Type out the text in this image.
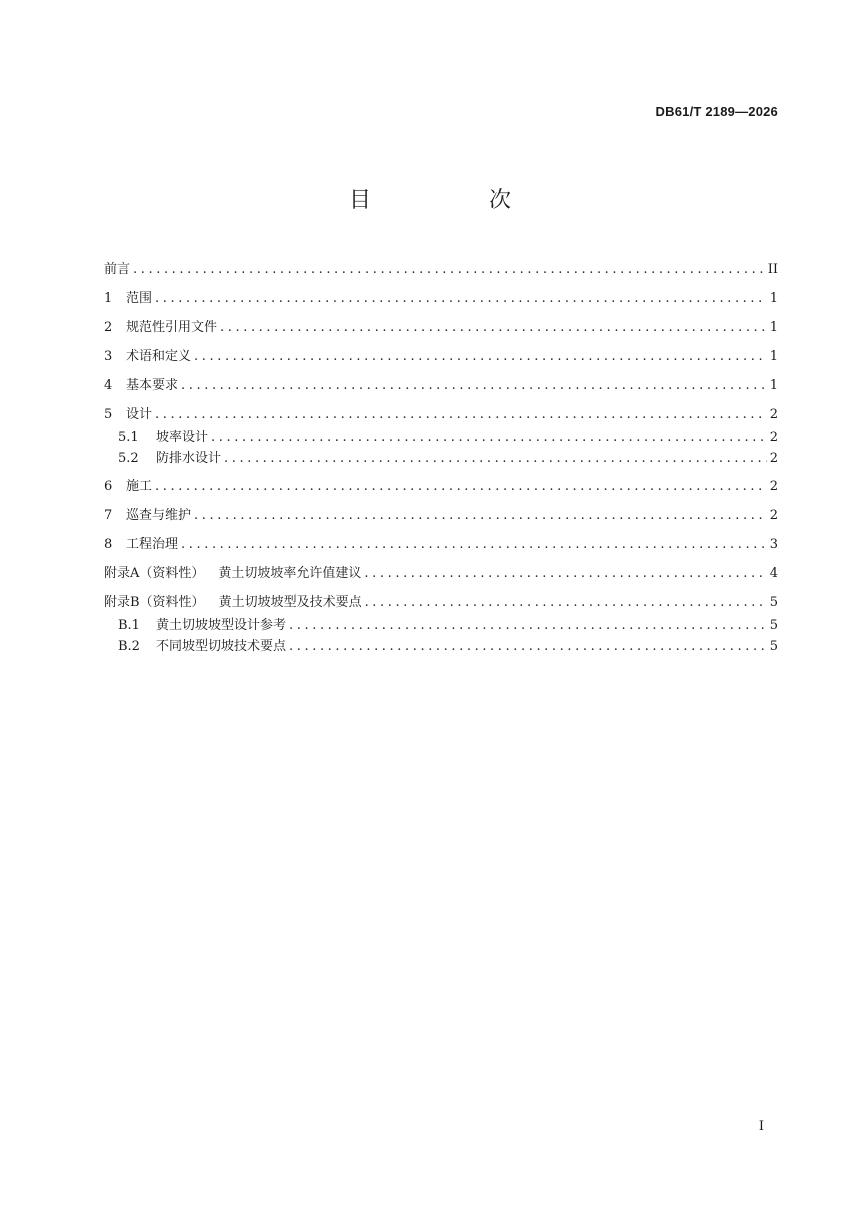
DB61/T 2189—2026
目　次
前言 .....	II
1	范围 .....	1
2	规范性引用文件 .....	1
3	术语和定义 .....	1
4	基本要求 .....	1
5	设计 .....	2
5.1	坡率设计 .....	2
5.2	防排水设计 .....	2
6	施工 .....	2
7	巡查与维护 .....	2
8	工程治理 .....	3
附录A（资料性） 黄土切坡坡率允许值建议 .....	4
附录B（资料性） 黄土切坡坡型及技术要点 .....	5
B.1	黄土切坡坡型设计参考 .....	5
B.2	不同坡型切坡技术要点 .....	5
I
